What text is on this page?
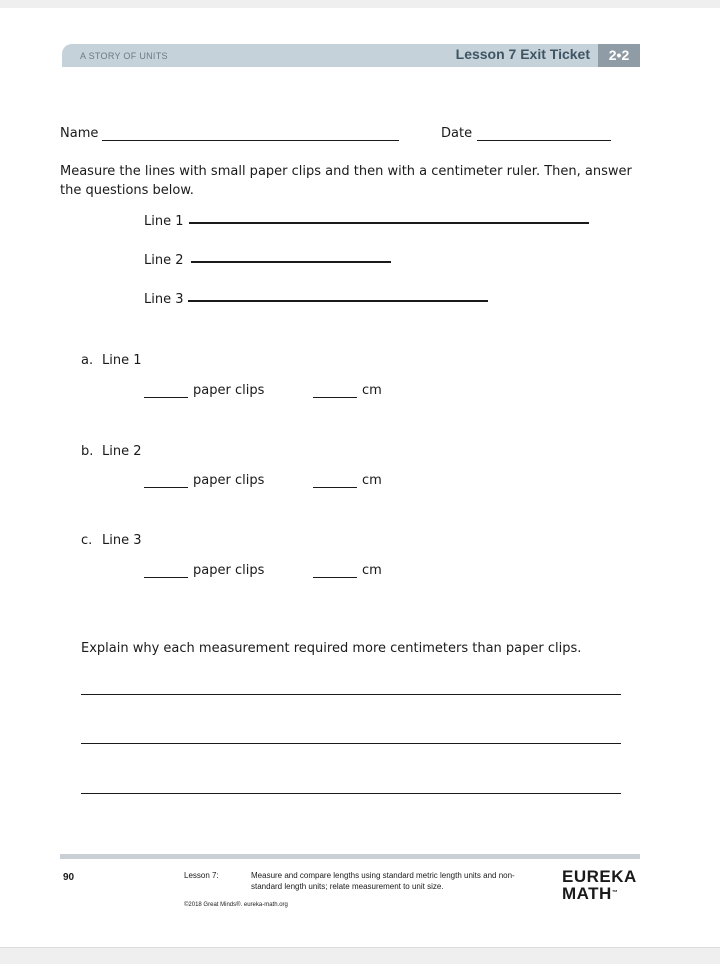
A STORY OF UNITS	Lesson 7 Exit Ticket	2•2
Name	Date
Measure the lines with small paper clips and then with a centimeter ruler. Then, answer the questions below.
Line 1
Line 2
Line 3
a. Line 1
paper clips	cm
b. Line 2
paper clips	cm
c. Line 3
paper clips	cm
Explain why each measurement required more centimeters than paper clips.
90	Lesson 7:	Measure and compare lengths using standard metric length units and non-standard length units; relate measurement to unit size.
©2018 Great Minds®. eureka-math.org
EUREKA
MATH™
